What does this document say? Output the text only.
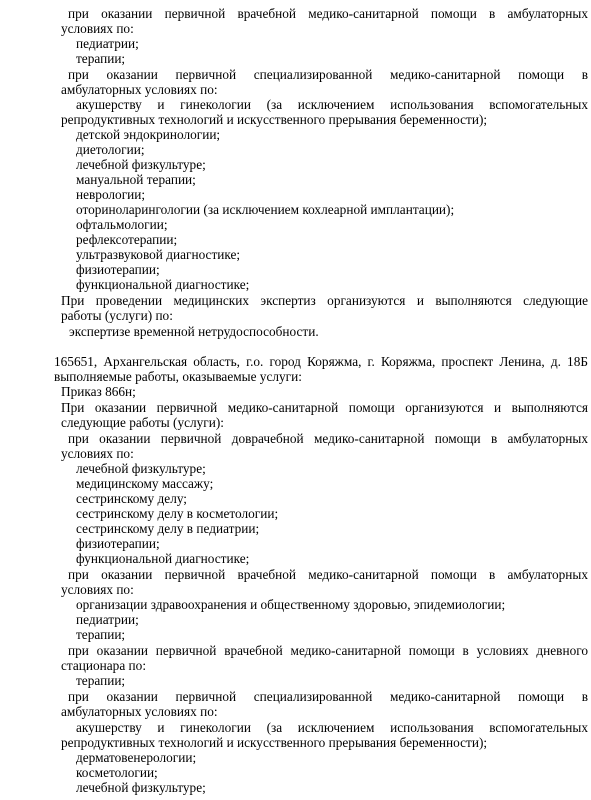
при оказании первичной врачебной медико-санитарной помощи в амбулаторных
условиях по:
педиатрии;
терапии;
при оказании первичной специализированной медико-санитарной помощи в
амбулаторных условиях по:
акушерству и гинекологии (за исключением использования вспомогательных
репродуктивных технологий и искусственного прерывания беременности);
детской эндокринологии;
диетологии;
лечебной физкультуре;
мануальной терапии;
неврологии;
оториноларингологии (за исключением кохлеарной имплантации);
офтальмологии;
рефлексотерапии;
ультразвуковой диагностике;
физиотерапии;
функциональной диагностике;
При проведении медицинских экспертиз организуются и выполняются следующие
работы (услуги) по:
экспертизе временной нетрудоспособности.
165651, Архангельская область, г.о. город Коряжма, г. Коряжма, проспект Ленина, д. 18Б
выполняемые работы, оказываемые услуги:
Приказ 866н;
При оказании первичной медико-санитарной помощи организуются и выполняются
следующие работы (услуги):
при оказании первичной доврачебной медико-санитарной помощи в амбулаторных
условиях по:
лечебной физкультуре;
медицинскому массажу;
сестринскому делу;
сестринскому делу в косметологии;
сестринскому делу в педиатрии;
физиотерапии;
функциональной диагностике;
при оказании первичной врачебной медико-санитарной помощи в амбулаторных
условиях по:
организации здравоохранения и общественному здоровью, эпидемиологии;
педиатрии;
терапии;
при оказании первичной врачебной медико-санитарной помощи в условиях дневного
стационара по:
терапии;
при оказании первичной специализированной медико-санитарной помощи в
амбулаторных условиях по:
акушерству и гинекологии (за исключением использования вспомогательных
репродуктивных технологий и искусственного прерывания беременности);
дерматовенерологии;
косметологии;
лечебной физкультуре;
